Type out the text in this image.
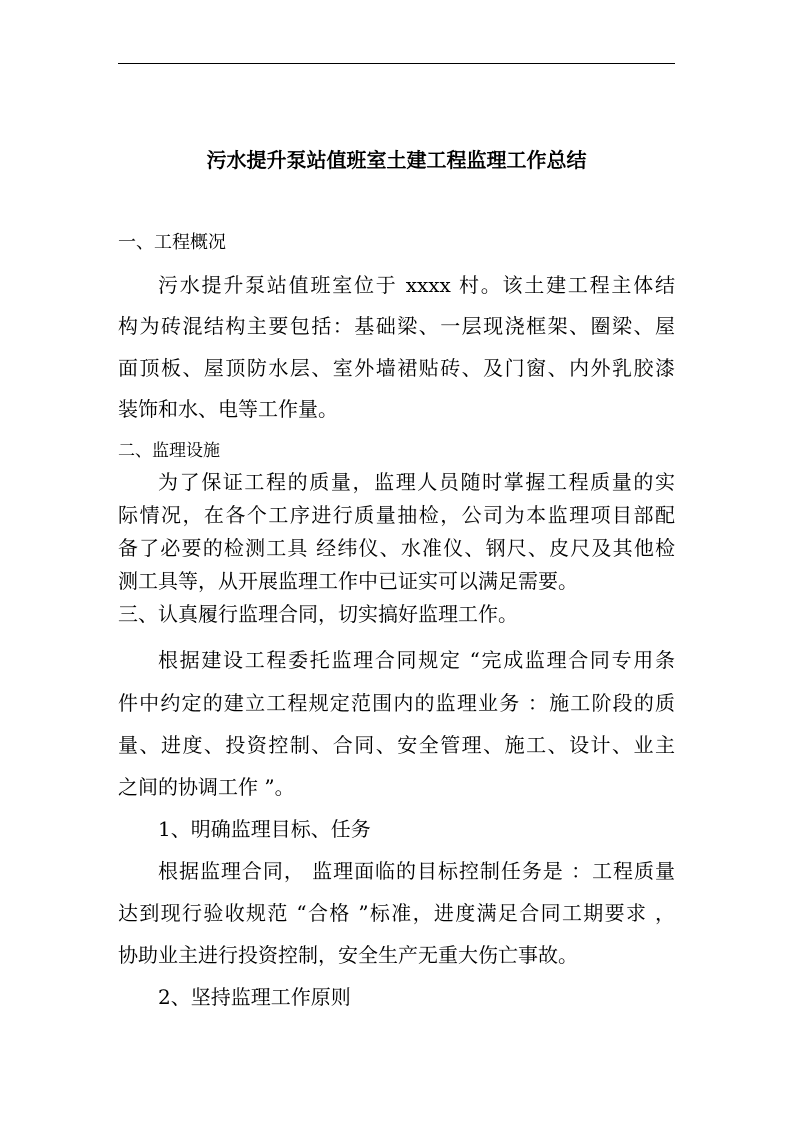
污水提升泵站值班室土建工程监理工作总结
一、工程概况
污水提升泵站值班室位于 xxxx 村。该土建工程主体结
构为砖混结构主要包括：基础梁、一层现浇框架、圈梁、屋
面顶板、屋顶防水层、室外墙裙贴砖、及门窗、内外乳胶漆
装饰和水、电等工作量。
二、监理设施
为了保证工程的质量，监理人员随时掌握工程质量的实
际情况，在各个工序进行质量抽检，公司为本监理项目部配
备了必要的检测工具 经纬仪、水准仪、钢尺、皮尺及其他检
测工具等，从开展监理工作中已证实可以满足需要。
三、认真履行监理合同，切实搞好监理工作。
根据建设工程委托监理合同规定 “完成监理合同专用条
件中约定的建立工程规定范围内的监理业务 ：施工阶段的质
量、进度、投资控制、合同、安全管理、施工、设计、业主
之间的协调工作 ”。
1、明确监理目标、任务
根据监理合同， 监理面临的目标控制任务是 ：工程质量
达到现行验收规范 “合格 ”标准，进度满足合同工期要求 ，
协助业主进行投资控制，安全生产无重大伤亡事故。
2、坚持监理工作原则
